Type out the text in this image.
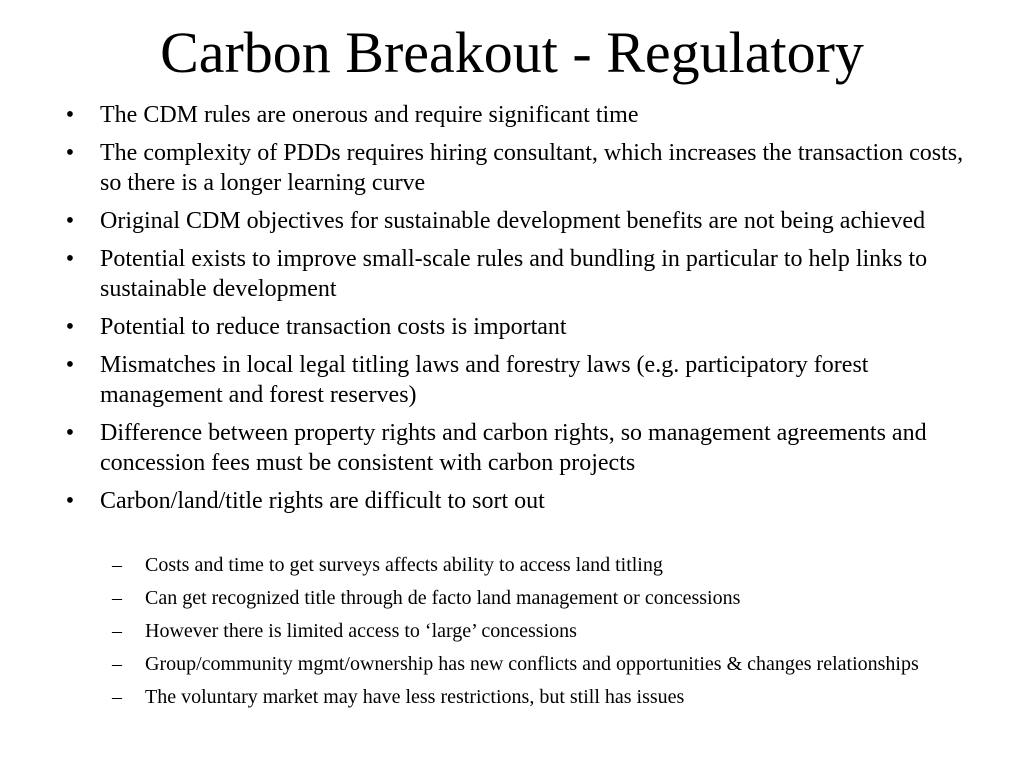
Carbon Breakout - Regulatory
• The CDM rules are onerous and require significant time
• The complexity of PDDs requires hiring consultant, which increases the transaction costs, so there is a longer learning curve
• Original CDM objectives for sustainable development benefits are not being achieved
• Potential exists to improve small-scale rules and bundling in particular to help links to sustainable development
• Potential to reduce transaction costs is important
• Mismatches in local legal titling laws and forestry laws (e.g. participatory forest management and forest reserves)
• Difference between property rights and carbon rights, so management agreements and concession fees must be consistent with carbon projects
• Carbon/land/title rights are difficult to sort out
– Costs and time to get surveys affects ability to access land titling
– Can get recognized title through de facto land management or concessions
– However there is limited access to ‘large’ concessions
– Group/community mgmt/ownership has new conflicts and opportunities & changes relationships
– The voluntary market may have less restrictions, but still has issues
